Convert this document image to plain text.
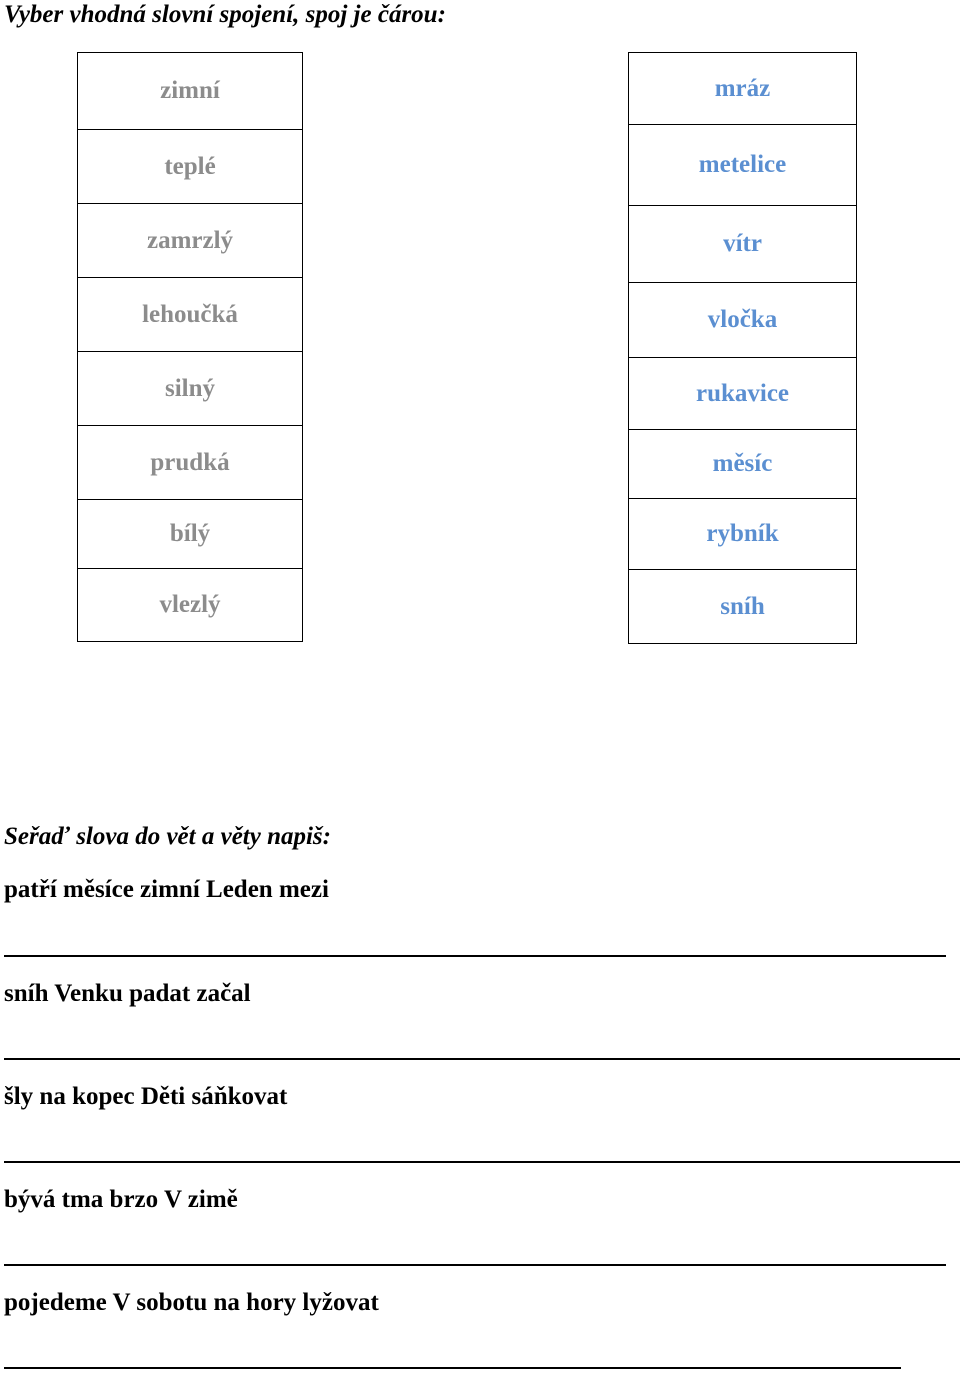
Vyber vhodná slovní spojení, spoj je čárou:
zimní
teplé
zamrzlý
lehoučká
silný
prudká
bílý
vlezlý
mráz
metelice
vítr
vločka
rukavice
měsíc
rybník
sníh
Seřaď slova do vět a věty napiš:
patří měsíce zimní Leden mezi
sníh Venku padat začal
šly na kopec Děti sáňkovat
bývá tma brzo V zimě
pojedeme V sobotu na hory lyžovat
